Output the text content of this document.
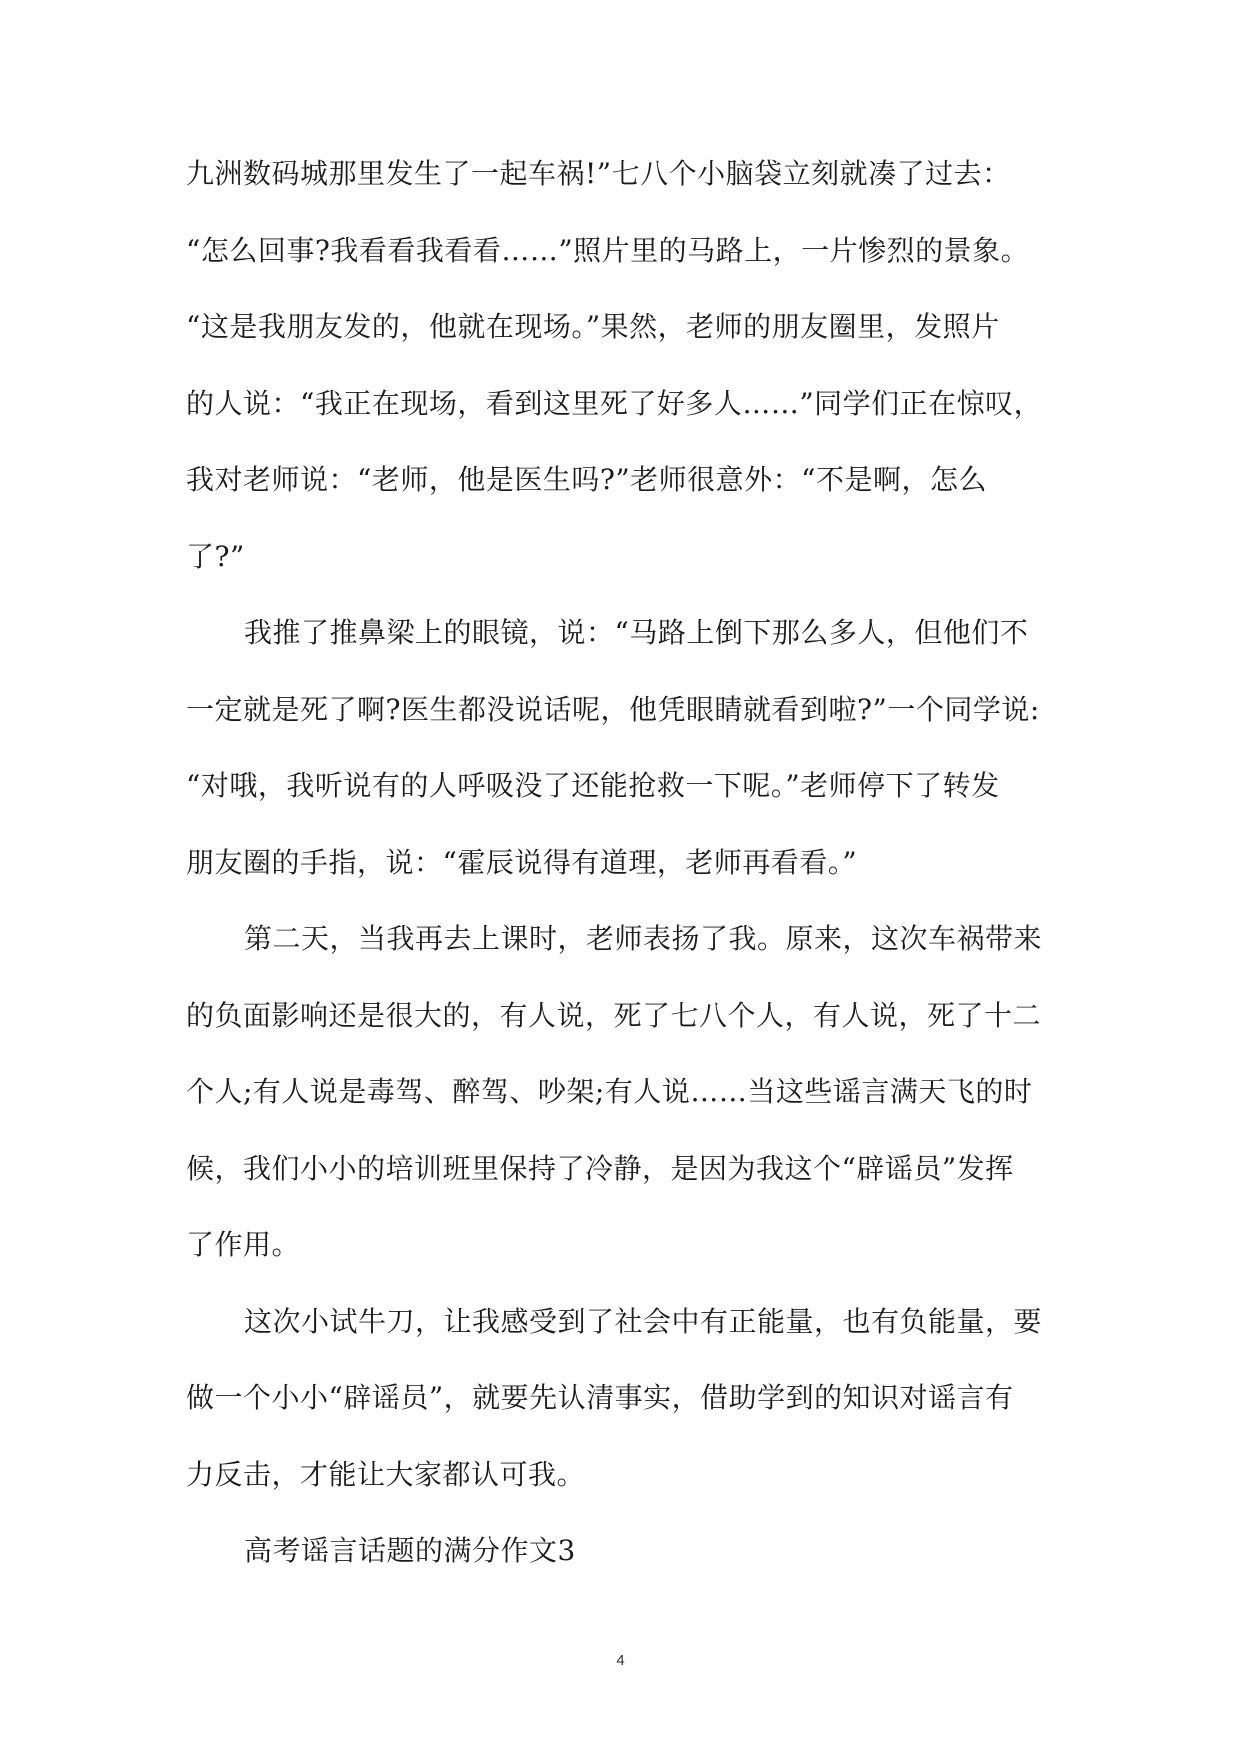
九洲数码城那里发生了一起车祸!”七八个小脑袋立刻就凑了过去：
“怎么回事?我看看我看看……”照片里的马路上，一片惨烈的景象。
“这是我朋友发的，他就在现场。”果然，老师的朋友圈里，发照片
的人说：“我正在现场，看到这里死了好多人……”同学们正在惊叹，
我对老师说：“老师，他是医生吗?”老师很意外：“不是啊，怎么
了?”
我推了推鼻梁上的眼镜，说：“马路上倒下那么多人，但他们不
一定就是死了啊?医生都没说话呢，他凭眼睛就看到啦?”一个同学说:
“对哦，我听说有的人呼吸没了还能抢救一下呢。”老师停下了转发
朋友圈的手指，说：“霍辰说得有道理，老师再看看。”
第二天，当我再去上课时，老师表扬了我。原来，这次车祸带来
的负面影响还是很大的，有人说，死了七八个人，有人说，死了十二
个人;有人说是毒驾、醉驾、吵架;有人说……当这些谣言满天飞的时
候，我们小小的培训班里保持了冷静，是因为我这个“辟谣员”发挥
了作用。
这次小试牛刀，让我感受到了社会中有正能量，也有负能量，要
做一个小小“辟谣员”，就要先认清事实，借助学到的知识对谣言有
力反击，才能让大家都认可我。
高考谣言话题的满分作文3
4
